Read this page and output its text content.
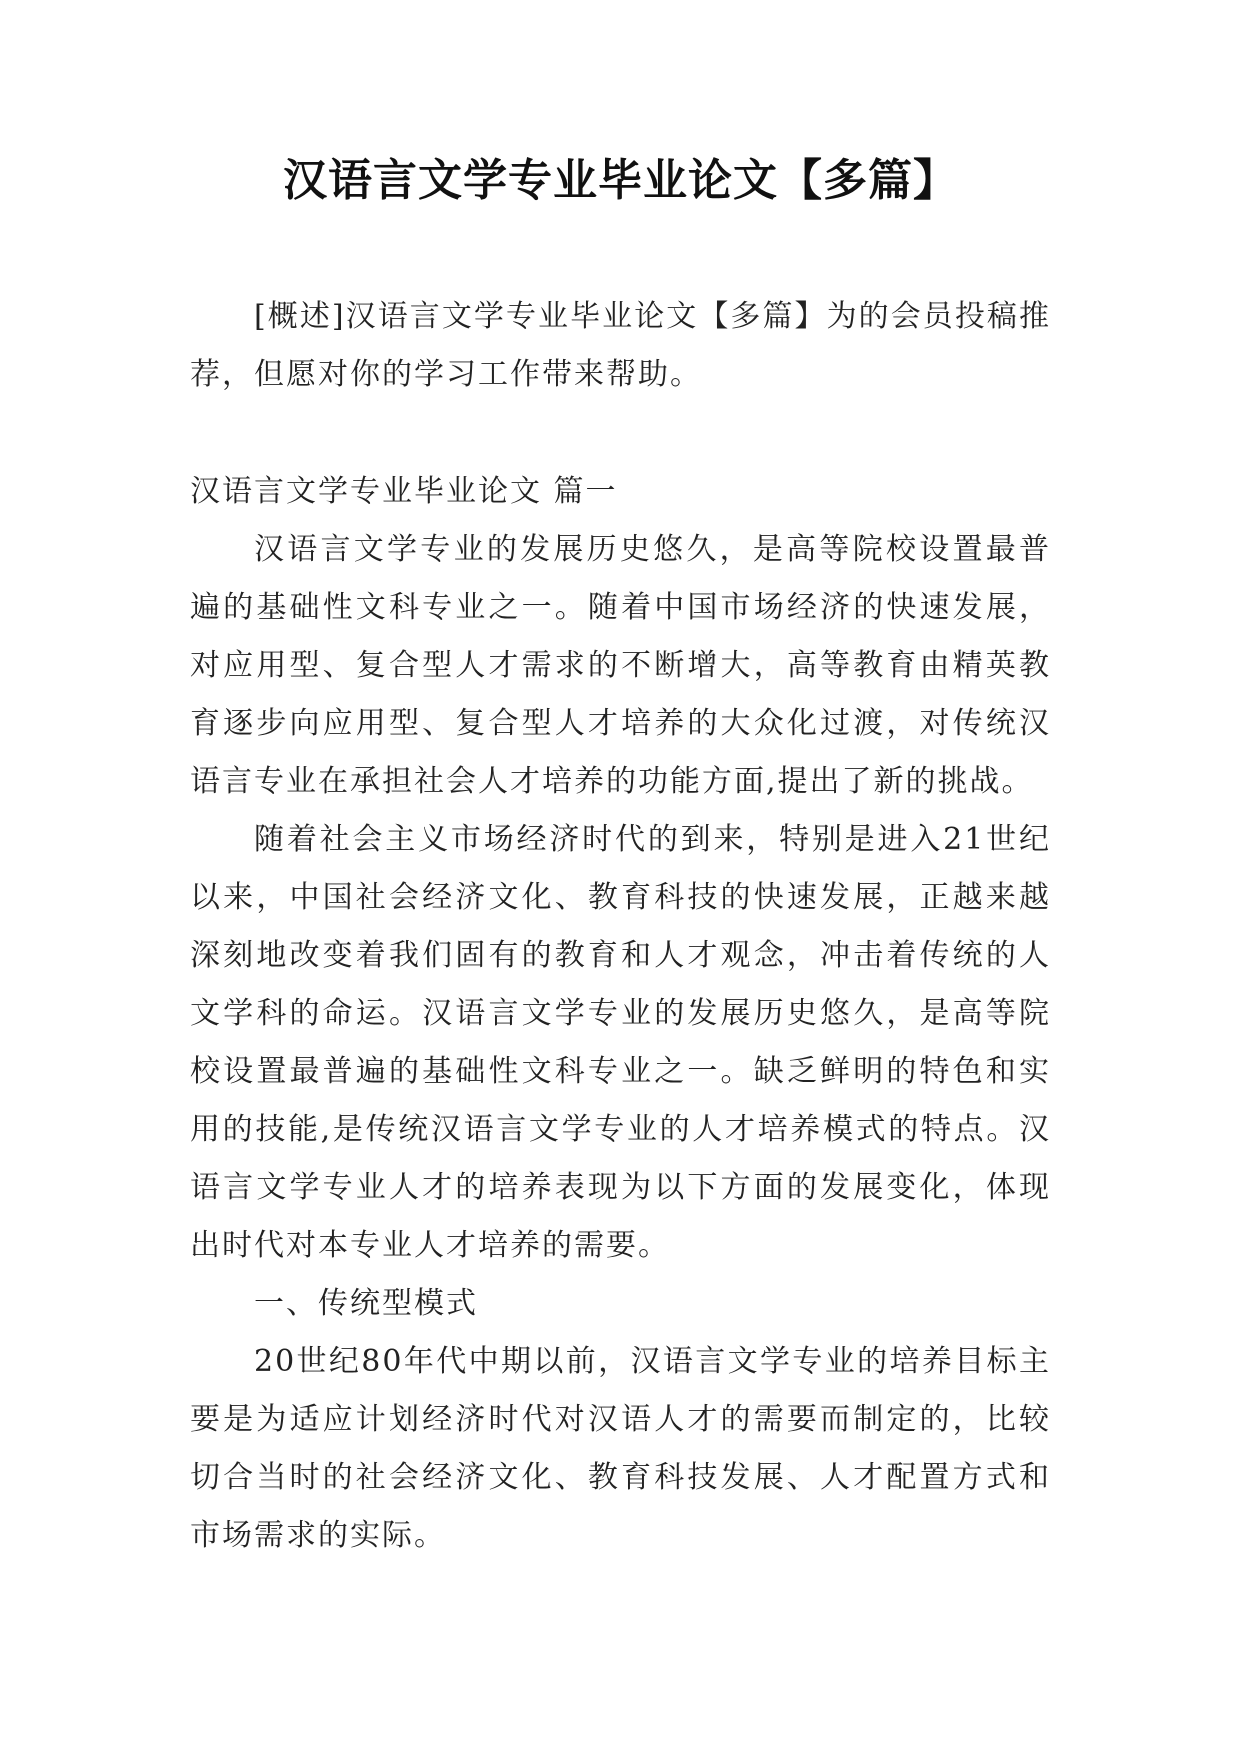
汉语言文学专业毕业论文【多篇】

[概述]汉语言文学专业毕业论文【多篇】为的会员投稿推荐，但愿对你的学习工作带来帮助。

汉语言文学专业毕业论文 篇一

汉语言文学专业的发展历史悠久，是高等院校设置最普遍的基础性文科专业之一。随着中国市场经济的快速发展，对应用型、复合型人才需求的不断增大，高等教育由精英教育逐步向应用型、复合型人才培养的大众化过渡，对传统汉语言专业在承担社会人才培养的功能方面,提出了新的挑战。

随着社会主义市场经济时代的到来，特别是进入21世纪以来，中国社会经济文化、教育科技的快速发展，正越来越深刻地改变着我们固有的教育和人才观念，冲击着传统的人文学科的命运。汉语言文学专业的发展历史悠久，是高等院校设置最普遍的基础性文科专业之一。缺乏鲜明的特色和实用的技能,是传统汉语言文学专业的人才培养模式的特点。汉语言文学专业人才的培养表现为以下方面的发展变化，体现出时代对本专业人才培养的需要。

一、传统型模式

20世纪80年代中期以前，汉语言文学专业的培养目标主要是为适应计划经济时代对汉语人才的需要而制定的，比较切合当时的社会经济文化、教育科技发展、人才配置方式和市场需求的实际。
